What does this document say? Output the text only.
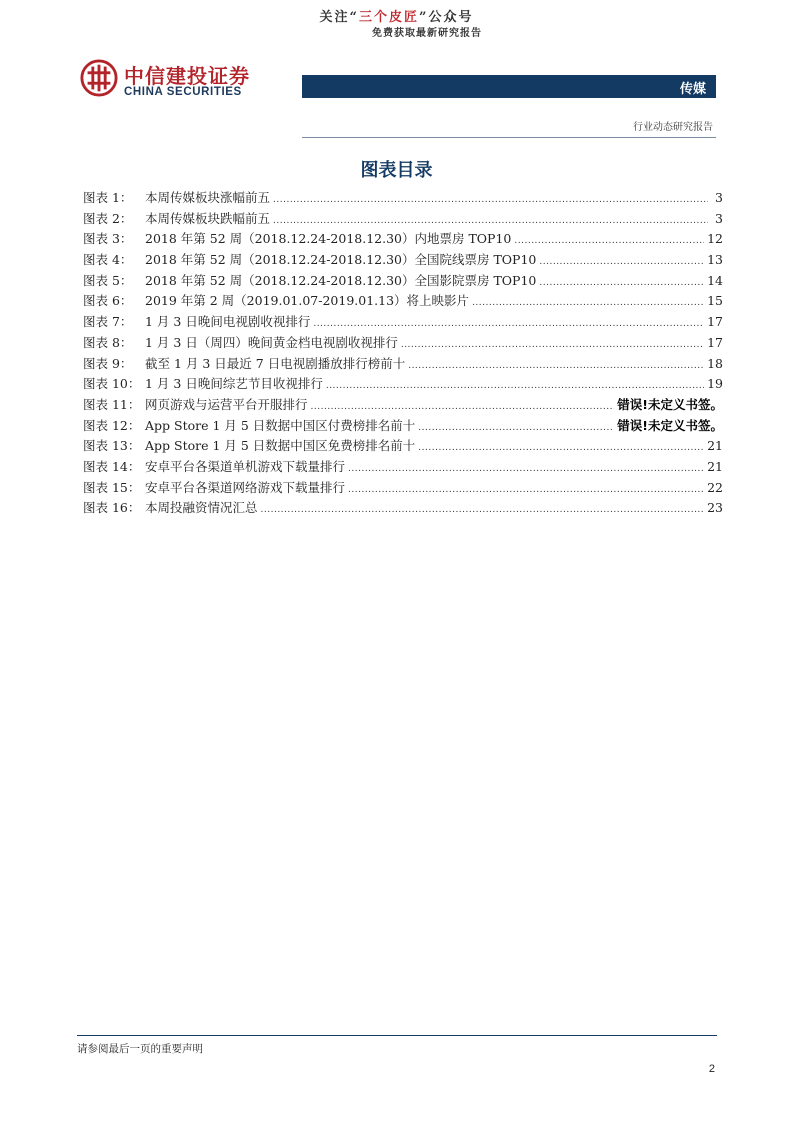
关注“三个皮匠”公众号
免费获取最新研究报告
中信建投证券
CHINA SECURITIES	传媒
行业动态研究报告
图表目录
图表 1：	本周传媒板块涨幅前五 .....	3
图表 2：	本周传媒板块跌幅前五 .....	3
图表 3：	2018 年第 52 周（2018.12.24-2018.12.30）内地票房 TOP10 .....	12
图表 4：	2018 年第 52 周（2018.12.24-2018.12.30）全国院线票房 TOP10 .....	13
图表 5：	2018 年第 52 周（2018.12.24-2018.12.30）全国影院票房 TOP10 .....	14
图表 6：	2019 年第 2 周（2019.01.07-2019.01.13）将上映影片 .....	15
图表 7：	1 月 3 日晚间电视剧收视排行 .....	17
图表 8：	1 月 3 日（周四）晚间黄金档电视剧收视排行 .....	17
图表 9：	截至 1 月 3 日最近 7 日电视剧播放排行榜前十 .....	18
图表 10： 1 月 3 日晚间综艺节目收视排行 .....	19
图表 11： 网页游戏与运营平台开服排行 .....	错误!未定义书签。
图表 12： App Store 1 月 5 日数据中国区付费榜排名前十 .....	错误!未定义书签。
图表 13： App Store 1 月 5 日数据中国区免费榜排名前十 .....	21
图表 14： 安卓平台各渠道单机游戏下载量排行 .....	21
图表 15： 安卓平台各渠道网络游戏下载量排行 .....	22
图表 16： 本周投融资情况汇总 .....	23
请参阅最后一页的重要声明
2
